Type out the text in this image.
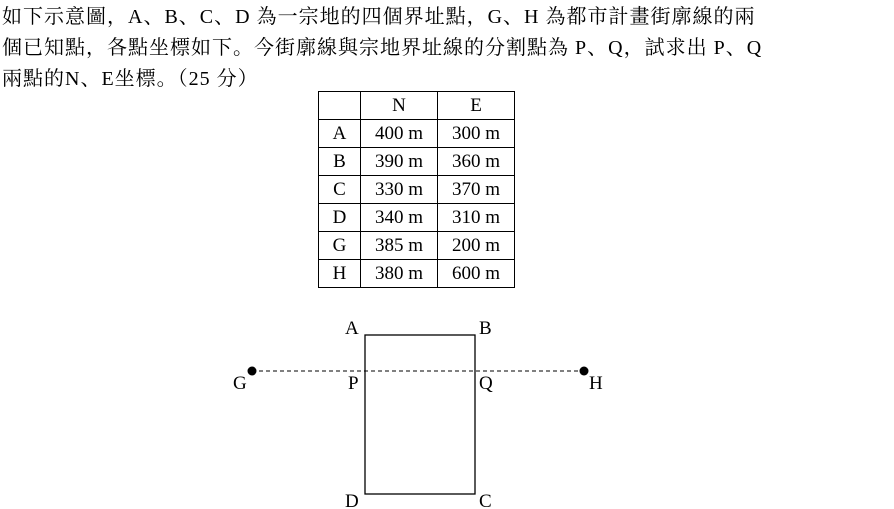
如下示意圖，A、B、C、D 為一宗地的四個界址點，G、H 為都市計畫街廓線的兩
個已知點，各點坐標如下。今街廓線與宗地界址線的分割點為 P、Q，試求出 P、Q
兩點的N、E坐標。（25 分）
	N	E
A	400 m	300 m
B	390 m	360 m
C	330 m	370 m
D	340 m	310 m
G	385 m	200 m
H	380 m	600 m
A	B
C
D
G	H
P	Q
